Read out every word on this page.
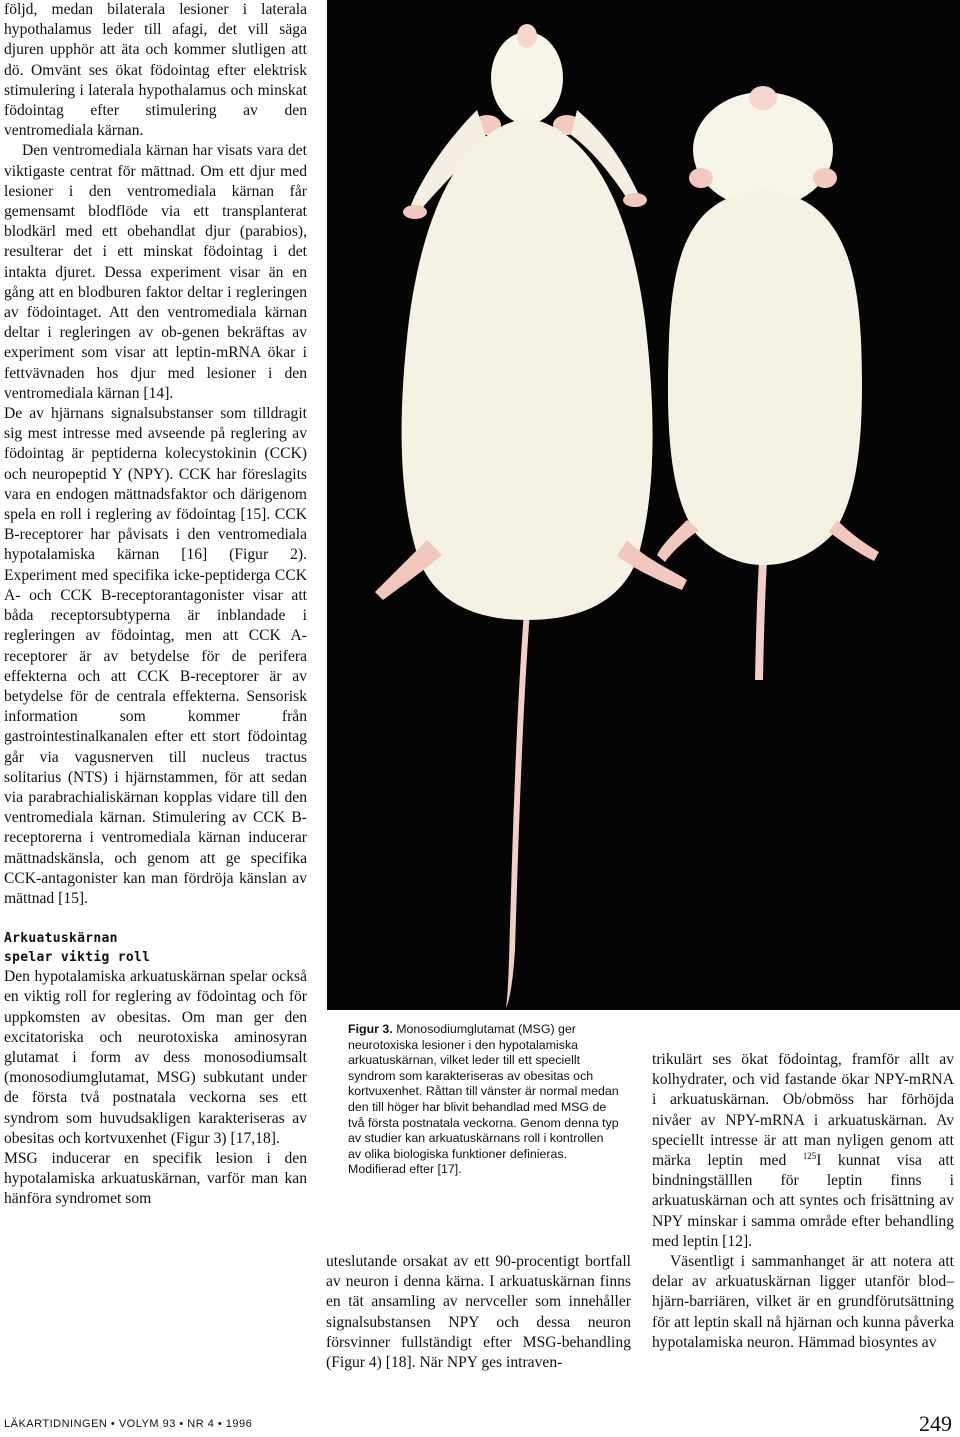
följd, medan bilaterala lesioner i laterala hypothalamus leder till afagi, det vill säga djuren upphör att äta och kommer slutligen att dö. Omvänt ses ökat födointag efter elektrisk stimulering i laterala hypothalamus och minskat födointag efter stimulering av den ventromediala kärnan.

Den ventromediala kärnan har visats vara det viktigaste centrat för mättnad. Om ett djur med lesioner i den ventromediala kärnan får gemensamt blodflöde via ett transplanterat blodkärl med ett obehandlat djur (parabios), resulterar det i ett minskat födointag i det intakta djuret. Dessa experiment visar än en gång att en blodburen faktor deltar i regleringen av födointaget. Att den ventromediala kärnan deltar i regleringen av ob-genen bekräftas av experiment som visar att leptin-mRNA ökar i fettvävnaden hos djur med lesioner i den ventromediala kärnan [14].

De av hjärnans signalsubstanser som tilldragit sig mest intresse med avseende på reglering av födointag är peptiderna kolecystokinin (CCK) och neuropeptid Y (NPY). CCK har föreslagits vara en endogen mättnadsfaktor och därigenom spela en roll i reglering av födointag [15]. CCK B-receptorer har påvisats i den ventromediala hypotalamiska kärnan [16] (Figur 2). Experiment med specifika icke-peptiderga CCK A- och CCK B-receptorantagonister visar att båda receptorsubtyperna är inblandade i regleringen av födointag, men att CCK A-receptorer är av betydelse för de perifera effekterna och att CCK B-receptorer är av betydelse för de centrala effekterna. Sensorisk information som kommer från gastrointestinalkanalen efter ett stort födointag går via vagusnerven till nucleus tractus solitarius (NTS) i hjärnstammen, för att sedan via parabrachialiskärnan kopplas vidare till den ventromediala kärnan. Stimulering av CCK B-receptorerna i ventromediala kärnan inducerar mättnadskänsla, och genom att ge specifika CCK-antagonister kan man fördröja känslan av mättnad [15].

Arkuatuskärnan
spelar viktig roll

Den hypotalamiska arkuatuskärnan spelar också en viktig roll for reglering av födointag och för uppkomsten av obesitas. Om man ger den excitatoriska och neurotoxiska aminosyran glutamat i form av dess monosodiumsalt (monosodiumglutamat, MSG) subkutant under de första två postnatala veckorna ses ett syndrom som huvudsakligen karakteriseras av obesitas och kortvuxenhet (Figur 3) [17,18].

MSG inducerar en specifik lesion i den hypotalamiska arkuatuskärnan, varför man kan hänföra syndromet som

Figur 3. Monosodiumglutamat (MSG) ger neurotoxiska lesioner i den hypotalamiska arkuatuskärnan, vilket leder till ett speciellt syndrom som karakteriseras av obesitas och kortvuxenhet. Råttan till vänster är normal medan den till höger har blivit behandlad med MSG de två första postnatala veckorna. Genom denna typ av studier kan arkuatuskärnans roll i kontrollen av olika biologiska funktioner definieras. Modifierad efter [17].

uteslutande orsakat av ett 90-procentigt bortfall av neuron i denna kärna. I arkuatuskärnan finns en tät ansamling av nervceller som innehåller signalsubstansen NPY och dessa neuron försvinner fullständigt efter MSG-behandling (Figur 4) [18]. När NPY ges intraven-

trikulärt ses ökat födointag, framför allt av kolhydrater, och vid fastande ökar NPY-mRNA i arkuatuskärnan. Ob/obmöss har förhöjda nivåer av NPY-mRNA i arkuatuskärnan. Av speciellt intresse är att man nyligen genom att märka leptin med $^{125}$I kunnat visa att bindningställlen för leptin finns i arkuatuskärnan och att syntes och frisättning av NPY minskar i samma område efter behandling med leptin [12].

Väsentligt i sammanhanget är att notera att delar av arkuatuskärnan ligger utanför blod–hjärn-barriären, vilket är en grundförutsättning för att leptin skall nå hjärnan och kunna påverka hypotalamiska neuron. Hämmad biosyntes av

LÄKARTIDNINGEN • VOLYM 93 • NR 4 • 1996	249
